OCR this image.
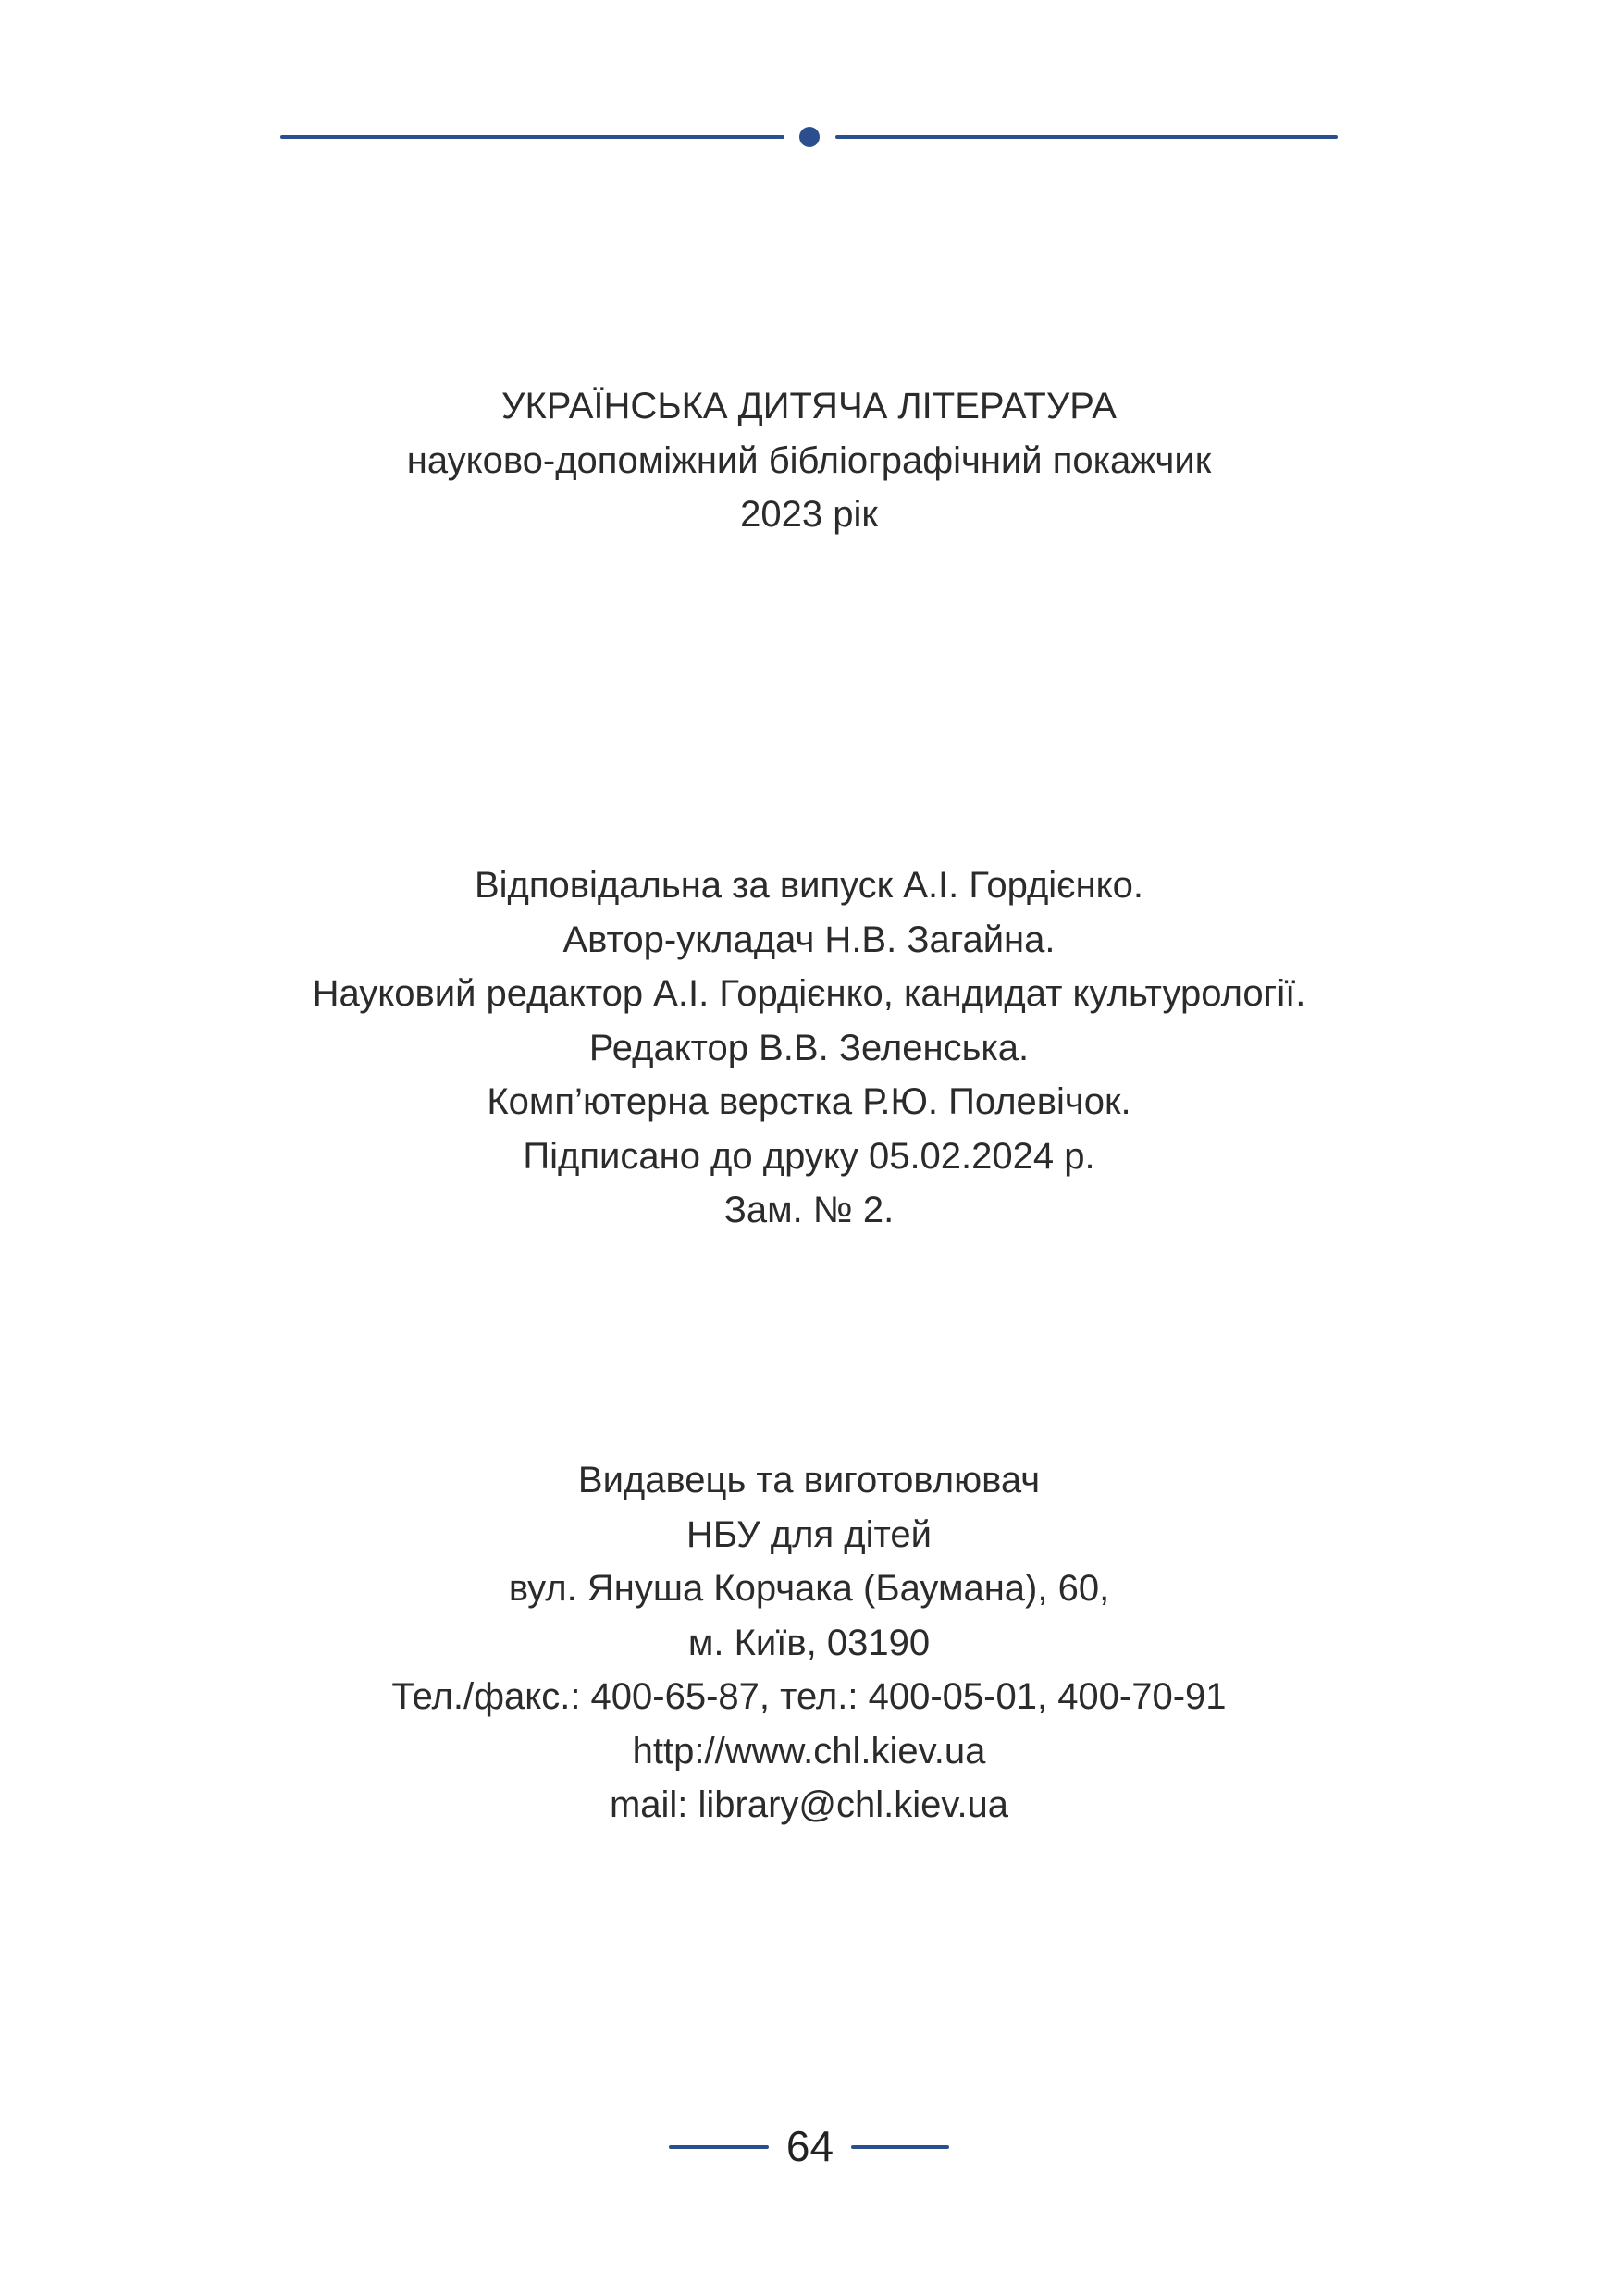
УКРАЇНСЬКА ДИТЯЧА ЛІТЕРАТУРА
науково-допоміжний бібліографічний покажчик
2023 рік
Відповідальна за випуск А.І. Гордієнко.
Автор-укладач Н.В. Загайна.
Науковий редактор А.І. Гордієнко, кандидат культурології.
Редактор В.В. Зеленська.
Комп’ютерна верстка Р.Ю. Полевічок.
Підписано до друку 05.02.2024 р.
Зам. № 2.
Видавець та виготовлювач
НБУ для дітей
вул. Януша Корчака (Баумана), 60,
м. Київ, 03190
Тел./факс.: 400-65-87, тел.: 400-05-01, 400-70-91
http://www.chl.kiev.ua
mail: library@chl.kiev.ua
64
